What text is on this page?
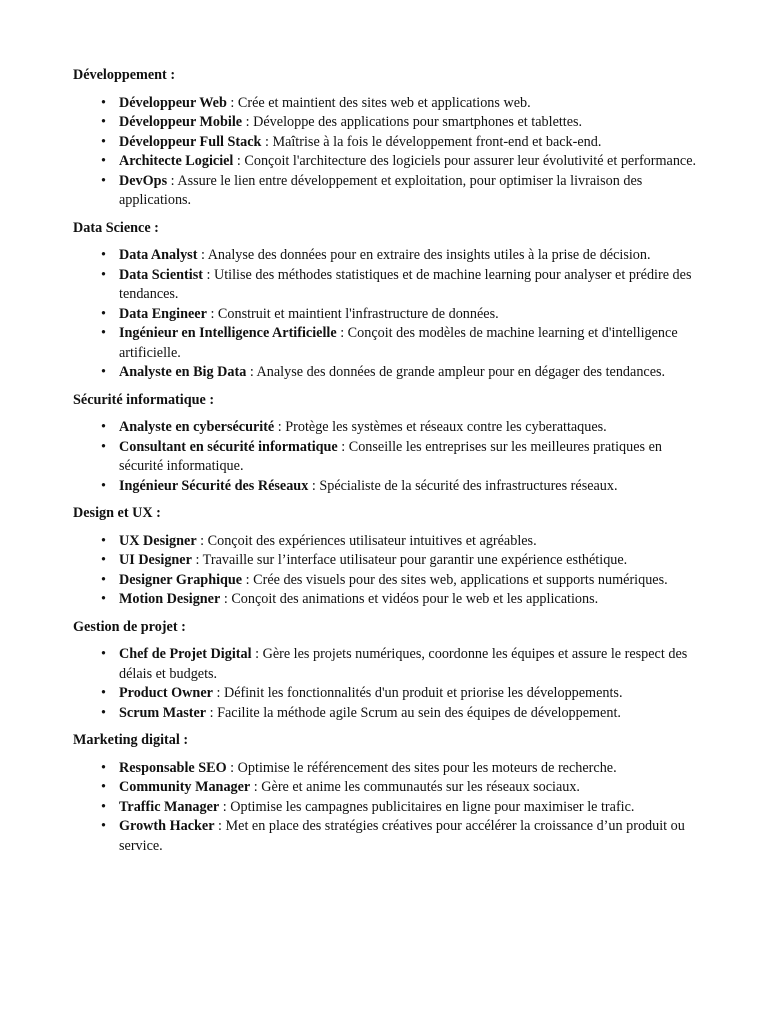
Développement :

• Développeur Web : Crée et maintient des sites web et applications web.
• Développeur Mobile : Développe des applications pour smartphones et tablettes.
• Développeur Full Stack : Maîtrise à la fois le développement front-end et back-end.
• Architecte Logiciel : Conçoit l'architecture des logiciels pour assurer leur évolutivité et performance.
• DevOps : Assure le lien entre développement et exploitation, pour optimiser la livraison des applications.

Data Science :

• Data Analyst : Analyse des données pour en extraire des insights utiles à la prise de décision.
• Data Scientist : Utilise des méthodes statistiques et de machine learning pour analyser et prédire des tendances.
• Data Engineer : Construit et maintient l'infrastructure de données.
• Ingénieur en Intelligence Artificielle : Conçoit des modèles de machine learning et d'intelligence artificielle.
• Analyste en Big Data : Analyse des données de grande ampleur pour en dégager des tendances.

Sécurité informatique :

• Analyste en cybersécurité : Protège les systèmes et réseaux contre les cyberattaques.
• Consultant en sécurité informatique : Conseille les entreprises sur les meilleures pratiques en sécurité informatique.
• Ingénieur Sécurité des Réseaux : Spécialiste de la sécurité des infrastructures réseaux.

Design et UX :

• UX Designer : Conçoit des expériences utilisateur intuitives et agréables.
• UI Designer : Travaille sur l’interface utilisateur pour garantir une expérience esthétique.
• Designer Graphique : Crée des visuels pour des sites web, applications et supports numériques.
• Motion Designer : Conçoit des animations et vidéos pour le web et les applications.

Gestion de projet :

• Chef de Projet Digital : Gère les projets numériques, coordonne les équipes et assure le respect des délais et budgets.
• Product Owner : Définit les fonctionnalités d'un produit et priorise les développements.
• Scrum Master : Facilite la méthode agile Scrum au sein des équipes de développement.

Marketing digital :

• Responsable SEO : Optimise le référencement des sites pour les moteurs de recherche.
• Community Manager : Gère et anime les communautés sur les réseaux sociaux.
• Traffic Manager : Optimise les campagnes publicitaires en ligne pour maximiser le trafic.
• Growth Hacker : Met en place des stratégies créatives pour accélérer la croissance d’un produit ou service.
